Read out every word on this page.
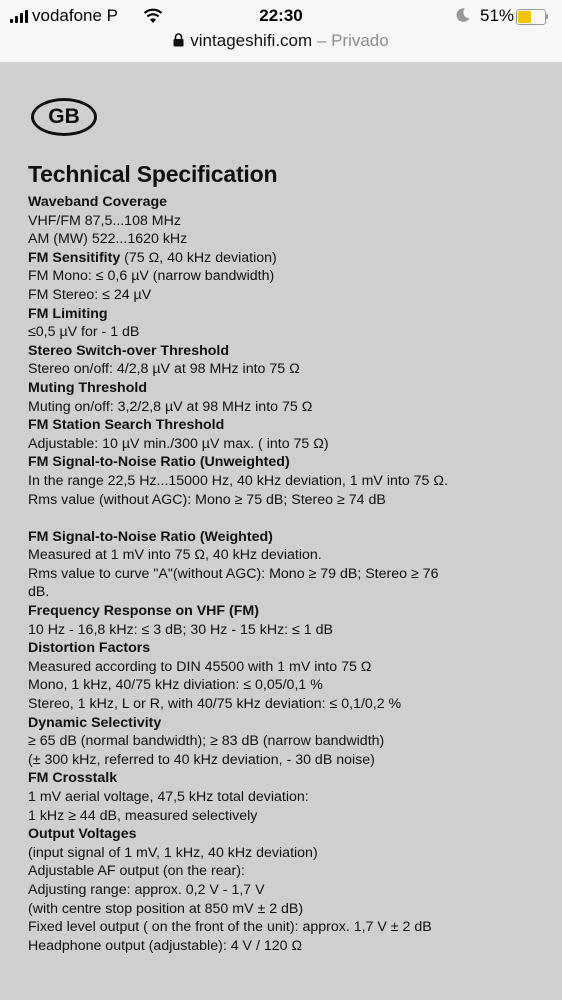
vodafone P	22:30	51%
vintageshifi.com – Privado
GB
Technical Specification
Waveband Coverage
VHF/FM 87,5...108 MHz
AM (MW) 522...1620 kHz
FM Sensitifity (75 Ω, 40 kHz deviation)
FM Mono: ≤ 0,6 µV (narrow bandwidth)
FM Stereo: ≤ 24 µV
FM Limiting
≤0,5 µV for - 1 dB
Stereo Switch-over Threshold
Stereo on/off: 4/2,8 µV at 98 MHz into 75 Ω
Muting Threshold
Muting on/off: 3,2/2,8 µV at 98 MHz into 75 Ω
FM Station Search Threshold
Adjustable: 10 µV min./300 µV max. ( into 75 Ω)
FM Signal-to-Noise Ratio (Unweighted)
In the range 22,5 Hz...15000 Hz, 40 kHz deviation, 1 mV into 75 Ω.
Rms value (without AGC): Mono ≥ 75 dB; Stereo ≥ 74 dB
FM Signal-to-Noise Ratio (Weighted)
Measured at 1 mV into 75 Ω, 40 kHz deviation.
Rms value to curve "A"(without AGC): Mono ≥ 79 dB; Stereo ≥ 76
dB.
Frequency Response on VHF (FM)
10 Hz - 16,8 kHz: ≤ 3 dB; 30 Hz - 15 kHz: ≤ 1 dB
Distortion Factors
Measured according to DIN 45500 with 1 mV into 75 Ω
Mono, 1 kHz, 40/75 kHz diviation: ≤ 0,05/0,1 %
Stereo, 1 kHz, L or R, with 40/75 kHz deviation: ≤ 0,1/0,2 %
Dynamic Selectivity
≥ 65 dB (normal bandwidth); ≥ 83 dB (narrow bandwidth)
(± 300 kHz, referred to 40 kHz deviation, - 30 dB noise)
FM Crosstalk
1 mV aerial voltage, 47,5 kHz total deviation:
1 kHz ≥ 44 dB, measured selectively
Output Voltages
(input signal of 1 mV, 1 kHz, 40 kHz deviation)
Adjustable AF output (on the rear):
Adjusting range: approx. 0,2 V - 1,7 V
(with centre stop position at 850 mV ± 2 dB)
Fixed level output ( on the front of the unit): approx. 1,7 V ± 2 dB
Headphone output (adjustable): 4 V / 120 Ω
